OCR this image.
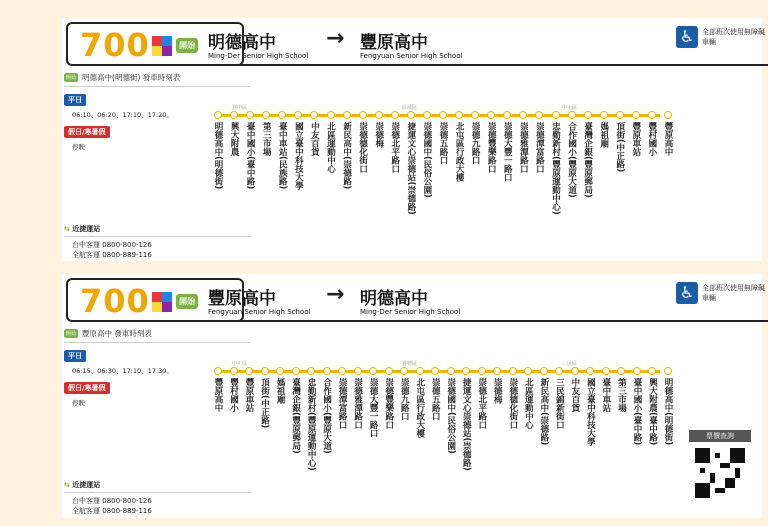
票價查詢
700	開始 明德高中
Ming-Der Senior High School
→ 豐原高中
Fengyuan Senior High School
♿	全部班次使用無障礙車輛
開始 明德高中(明德街) 發車時刻表
平日
06:10、06:20、17:10、17:20。
假日/寒暑假
停駛
⇆ 近捷運站
台中客運 0800-800-126
全航客運 0800-889-116
霧中區	區域區	中正區
明德高中(明德街) 興大附農 臺中國小(臺中路) 第三市場 臺中車站(民族路) 國立臺中科技大學 中友百貨 北區運動中心 新民高中(崇德路) 崇德德化街口 崇德梅 崇德北平路口 捷運文心崇德站(崇德路) 崇德國中(民俗公園) 崇德五路口 北屯區行政大樓 崇德九路口 崇德豐樂路口 崇德大豐一路口 崇德雅潭路口 崇德潭富路口 忠勤新村(豐原運動中心) 合作國小(豐原大道) 臺灣企銀(豐原郵局) 媽祖廟 頂街(中正路) 豐原車站 豐村國小 豐原高中
700	開始 豐原高中
Fengyuan Senior High School
→ 明德高中
Ming-Der Senior High School
♿	全部班次使用無障礙車輛
開始 豐原高中 發車時刻表
平日
06:15、06:30、17:10、17:30。
假日/寒暑假
停駛
⇆ 近捷運站
台中客運 0800-800-126
全航客運 0800-889-116
中正區	霧德區	三民區
豐原高中 豐村國小 豐原車站 頂街(中正路) 媽祖廟 臺灣企銀(豐原郵局) 忠勤新村(豐原運動中心) 合作國小(豐原大道) 崇德潭富路口 崇德雅潭路口 崇德大豐一路口 崇德豐樂路口 崇德九路口 北屯區行政大樓 崇德五路口 崇德國中(民俗公園) 捷運文心崇德站(崇德路) 崇德北平路口 崇德梅 崇德德化街口 北區運動中心 新民高中(崇德路) 三民錦新街口 中友百貨 國立臺中科技大學 臺中車站 第三市場 臺中國小(臺中路) 興大附農(臺中路) 明德高中(明德街)
